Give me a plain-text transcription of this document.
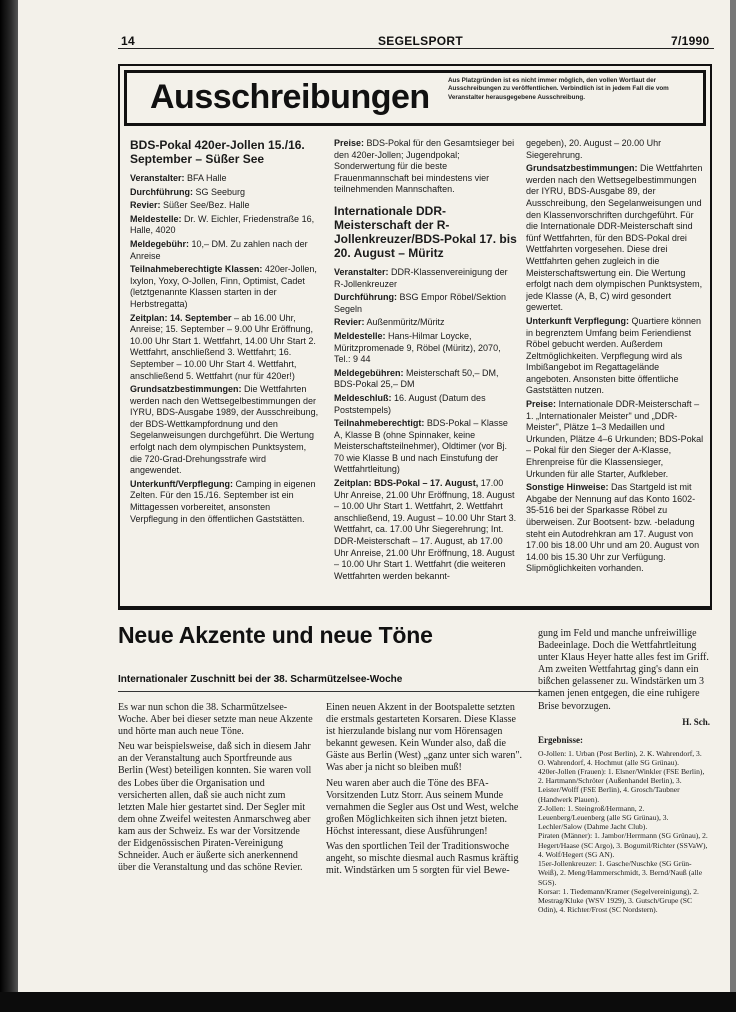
14	SEGELSPORT	7/1990
Ausschreibungen	Aus Platzgründen ist es nicht immer möglich, den vollen Wortlaut der Ausschreibungen zu veröffentlichen. Verbindlich ist in jedem Fall die vom Veranstalter herausgegebene Ausschreibung.
BDS-Pokal 420er-Jollen 15./16. September – Süßer See

Veranstalter: BFA Halle

Durchführung: SG Seeburg

Revier: Süßer See/Bez. Halle

Meldestelle: Dr. W. Eichler, Friedenstraße 16, Halle, 4020

Meldegebühr: 10,– DM. Zu zahlen nach der Anreise

Teilnahmeberechtigte Klassen: 420er-Jollen, Ixylon, Yoxy, O-Jollen, Finn, Optimist, Cadet (letztgenannte Klassen starten in der Herbstregatta)

Zeitplan: 14. September – ab 16.00 Uhr, Anreise; 15. September – 9.00 Uhr Eröffnung, 10.00 Uhr Start 1. Wettfahrt, 14.00 Uhr Start 2. Wettfahrt, anschließend 3. Wettfahrt; 16. September – 10.00 Uhr Start 4. Wettfahrt, anschließend 5. Wettfahrt (nur für 420er!)

Grundsatzbestimmungen: Die Wettfahrten werden nach den Wettsegelbestimmungen der IYRU, BDS-Ausgabe 1989, der Ausschreibung, der BDS-Wettkampfordnung und den Segelanweisungen durchgeführt. Die Wertung erfolgt nach dem olympischen Punktsystem, die 720-Grad-Drehungsstrafe wird angewendet.

Unterkunft/Verpflegung: Camping in eigenen Zelten. Für den 15./16. September ist ein Mittagessen vorbereitet, ansonsten Verpflegung in den öffentlichen Gaststätten.

Preise: BDS-Pokal für den Gesamtsieger bei den 420er-Jollen; Jugendpokal; Sonderwertung für die beste Frauenmannschaft bei mindestens vier teilnehmenden Mannschaften.

Internationale DDR-Meisterschaft der R-Jollenkreuzer/BDS-Pokal 17. bis 20. August – Müritz

Veranstalter: DDR-Klassenvereinigung der R-Jollenkreuzer

Durchführung: BSG Empor Röbel/Sektion Segeln

Revier: Außenmüritz/Müritz

Meldestelle: Hans-Hilmar Loycke, Müritzpromenade 9, Röbel (Müritz), 2070, Tel.: 9 44

Meldegebühren: Meisterschaft 50,– DM, BDS-Pokal 25,– DM

Meldeschluß: 16. August (Datum des Poststempels)

Teilnahmeberechtigt: BDS-Pokal – Klasse A, Klasse B (ohne Spinnaker, keine Meisterschaftsteilnehmer), Oldtimer (vor Bj. 70 wie Klasse B und nach Einstufung der Wettfahrtleitung)

Zeitplan: BDS-Pokal – 17. August, 17.00 Uhr Anreise, 21.00 Uhr Eröffnung, 18. August – 10.00 Uhr Start 1. Wettfahrt, 2. Wettfahrt anschließend, 19. August – 10.00 Uhr Start 3. Wettfahrt, ca. 17.00 Uhr Siegerehrung; Int. DDR-Meisterschaft – 17. August, ab 17.00 Uhr Anreise, 21.00 Uhr Eröffnung, 18. August – 10.00 Uhr Start 1. Wettfahrt (die weiteren Wettfahrten werden bekannt-

gegeben), 20. August – 20.00 Uhr Siegerehrung.

Grundsatzbestimmungen: Die Wettfahrten werden nach den Wettsegelbestimmungen der IYRU, BDS-Ausgabe 89, der Ausschreibung, den Segelanweisungen und den Klassenvorschriften durchgeführt. Für die Internationale DDR-Meisterschaft sind fünf Wettfahrten, für den BDS-Pokal drei Wettfahrten vorgesehen. Diese drei Wettfahrten gehen zugleich in die Meisterschaftswertung ein. Die Wertung erfolgt nach dem olympischen Punktsystem, jede Klasse (A, B, C) wird gesondert gewertet.

Unterkunft Verpflegung: Quartiere können in begrenztem Umfang beim Feriendienst Röbel gebucht werden. Außerdem Zeltmöglichkeiten. Verpflegung wird als Imbißangebot im Regattagelände angeboten. Ansonsten bitte öffentliche Gaststätten nutzen.

Preise: Internationale DDR-Meisterschaft – 1. „Internationaler Meister" und „DDR-Meister", Plätze 1–3 Medaillen und Urkunden, Plätze 4–6 Urkunden; BDS-Pokal – Pokal für den Sieger der A-Klasse, Ehrenpreise für die Klassensieger, Urkunden für alle Starter, Aufkleber.

Sonstige Hinweise: Das Startgeld ist mit Abgabe der Nennung auf das Konto 1602-35-516 bei der Sparkasse Röbel zu überweisen. Zur Bootsent- bzw. -beladung steht ein Autodrehkran am 17. August von 17.00 bis 18.00 Uhr und am 20. August von 14.00 bis 15.30 Uhr zur Verfügung. Slipmöglichkeiten vorhanden.

Neue Akzente und neue Töne
Internationaler Zuschnitt bei der 38. Scharmützelsee-Woche

Es war nun schon die 38. Scharmützelsee-Woche. Aber bei dieser setzte man neue Akzente und hörte man auch neue Töne.

Neu war beispielsweise, daß sich in diesem Jahr an der Veranstaltung auch Sportfreunde aus Berlin (West) beteiligen konnten. Sie waren voll des Lobes über die Organisation und versicherten allen, daß sie auch nicht zum letzten Male hier gestartet sind. Der Segler mit dem ohne Zweifel weitesten Anmarschweg aber kam aus der Schweiz. Es war der Vorsitzende der Eidgenössischen Piraten-Vereinigung Schneider. Auch er äußerte sich anerkennend über die Veranstaltung und das schöne Revier.

Einen neuen Akzent in der Bootspalette setzten die erstmals gestarteten Korsaren. Diese Klasse ist hierzulande bislang nur vom Hörensagen bekannt gewesen. Kein Wunder also, daß die Gäste aus Berlin (West) „ganz unter sich waren". Was aber ja nicht so bleiben muß!

Neu waren aber auch die Töne des BFA-Vorsitzenden Lutz Storr. Aus seinem Munde vernahmen die Segler aus Ost und West, welche großen Möglichkeiten sich ihnen jetzt bieten. Höchst interessant, diese Ausführungen!

Was den sportlichen Teil der Traditionswoche angeht, so mischte diesmal auch Rasmus kräftig mit. Windstärken um 5 sorgten für viel Bewe-

gung im Feld und manche unfreiwillige Badeeinlage. Doch die Wettfahrtleitung unter Klaus Heyer hatte alles fest im Griff. Am zweiten Wettfahrtag ging's dann ein bißchen gelassener zu. Windstärken um 3 kamen jenen entgegen, die eine ruhigere Brise bevorzugen.
H. Sch.
Ergebnisse:

O-Jollen: 1. Urban (Post Berlin), 2. K. Wahrendorf, 3. O. Wahrendorf, 4. Hochmut (alle SG Grünau).

420er-Jollen (Frauen): 1. Elsner/Winkler (FSE Berlin), 2. Hartmann/Schröter (Außenhandel Berlin), 3. Leister/Wolff (FSE Berlin), 4. Grosch/Taubner (Handwerk Plauen).

Z-Jollen: 1. Steingroß/Hermann, 2. Leuenberg/Leuenberg (alle SG Grünau), 3. Lechler/Salow (Dahme Jacht Club).

Piraten (Männer): 1. Jambor/Herrmann (SG Grünau), 2. Hegert/Haase (SC Argo), 3. Bogumil/Richter (SSVaW), 4. Wolf/Hegert (SG AN).

15er-Jollenkreuzer: 1. Gasche/Nuschke (SG Grün-Weiß), 2. Meng/Hammerschmidt, 3. Bernd/Nauß (alle SGS).

Korsar: 1. Tiedemann/Kramer (Segelvereinigung), 2. Mestrag/Kluke (WSV 1929), 3. Gutsch/Grupe (SC Odin), 4. Richter/Frost (SC Nordstern).
